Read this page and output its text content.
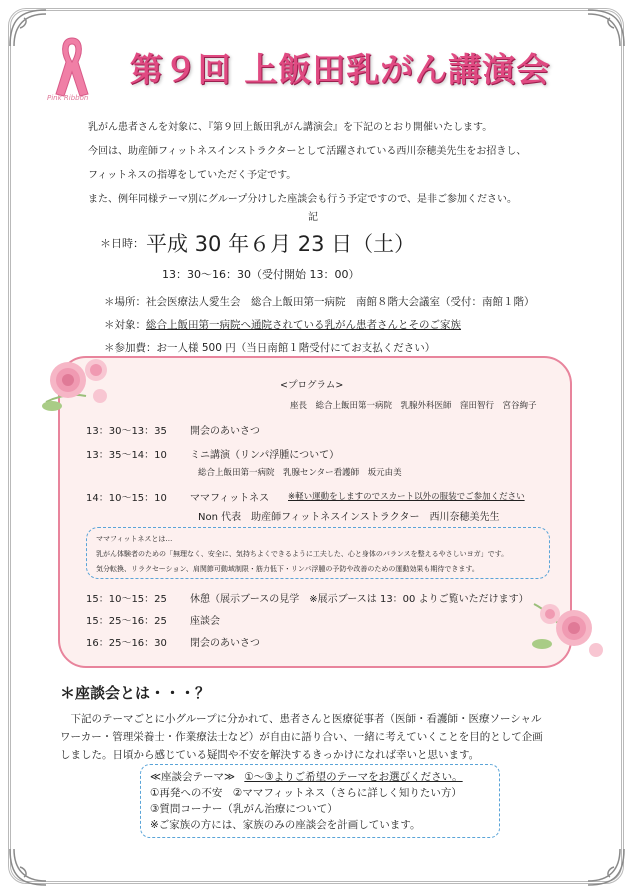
Pink Ribbon
第９回 上飯田乳がん講演会

乳がん患者さんを対象に、『第９回上飯田乳がん講演会』を下記のとおり開催いたします。

今回は、助産師フィットネスインストラクターとして活躍されている西川奈穂美先生をお招きし、

フィットネスの指導をしていただく予定です。

また、例年同様テーマ別にグループ分けした座談会も行う予定ですので、是非ご参加ください。

記
＊日時：平成 30 年６月 23 日（土）
13：30〜16：30（受付開始 13：00）
＊場所：社会医療法人愛生会　総合上飯田第一病院　南館８階大会議室（受付：南館１階）
＊対象：総合上飯田第一病院へ通院されている乳がん患者さんとそのご家族
＊参加費：お一人様 500 円（当日南館１階受付にてお支払ください）
<プログラム>
座長　総合上飯田第一病院　乳腺外科医師　窪田智行　宮谷絢子
13：30〜13：35 開会のあいさつ
13：35〜14：10 ミニ講演（リンパ浮腫について）
総合上飯田第一病院　乳腺センター看護師　坂元由美
14：10〜15：10 ママフィットネス ※軽い運動をしますのでスカート以外の服装でご参加ください
Non 代表　助産師フィットネスインストラクター　西川奈穂美先生
ママフィットネスとは…
乳がん体験者のための「無理なく、安全に、気持ちよくできるように工夫した、心と身体のバランスを整えるやさしいヨガ」です。
気分転換、リラクセーション、肩関節可動域制限・筋力低下・リンパ浮腫の予防や改善のための運動効果も期待できます。
15：10〜15：25 休憩（展示ブースの見学　※展示ブースは 13：00 よりご覧いただけます）
15：25〜16：25 座談会
16：25〜16：30 閉会のあいさつ
＊座談会とは・・・？

　下記のテーマごとに小グループに分かれて、患者さんと医療従事者（医師・看護師・医療ソーシャル

ワーカー・管理栄養士・作業療法士など）が自由に語り合い、一緒に考えていくことを目的として企画

しました。日頃から感じている疑問や不安を解決するきっかけになれば幸いと思います。

≪座談会テーマ≫ ①〜③よりご希望のテーマをお選びください。
①再発への不安　②ママフィットネス（さらに詳しく知りたい方）
③質問コーナー（乳がん治療について）
※ご家族の方には、家族のみの座談会を計画しています。
